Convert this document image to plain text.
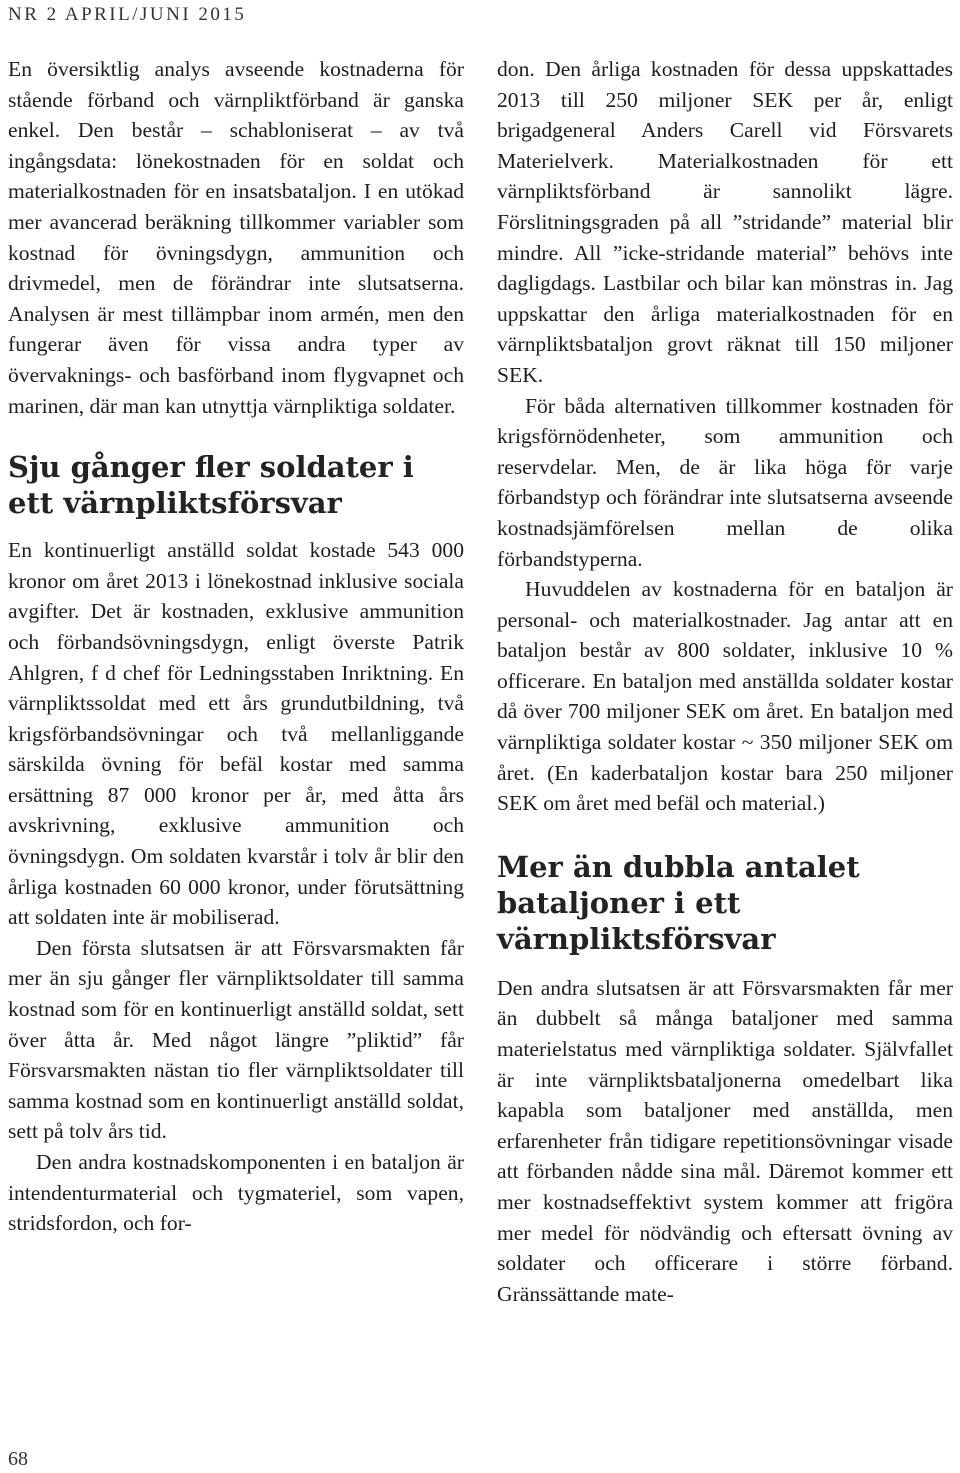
NR 2 APRIL/JUNI 2015

En översiktlig analys avseende kostnaderna för stående förband och värnpliktförband är ganska enkel. Den består – schabloniserat – av två ingångsdata: lönekostnaden för en soldat och materialkostnaden för en insatsbataljon. I en utökad mer avancerad beräkning tillkommer variabler som kostnad för övningsdygn, ammunition och drivmedel, men de förändrar inte slutsatserna. Analysen är mest tillämpbar inom armén, men den fungerar även för vissa andra typer av övervaknings- och basförband inom flygvapnet och marinen, där man kan utnyttja värnpliktiga soldater.

Sju gånger fler soldater i ett värnpliktsförsvar

En kontinuerligt anställd soldat kostade 543 000 kronor om året 2013 i lönekostnad inklusive sociala avgifter. Det är kostnaden, exklusive ammunition och förbandsövningsdygn, enligt överste Patrik Ahlgren, f d chef för Ledningsstaben Inriktning. En värnpliktssoldat med ett års grundutbildning, två krigsförbandsövningar och två mellanliggande särskilda övning för befäl kostar med samma ersättning 87 000 kronor per år, med åtta års avskrivning, exklusive ammunition och övningsdygn. Om soldaten kvarstår i tolv år blir den årliga kostnaden 60 000 kronor, under förutsättning att soldaten inte är mobiliserad.

Den första slutsatsen är att Försvarsmakten får mer än sju gånger fler värnpliktsoldater till samma kostnad som för en kontinuerligt anställd soldat, sett över åtta år. Med något längre ”pliktid” får Försvarsmakten nästan tio fler värnpliktsoldater till samma kostnad som en kontinuerligt anställd soldat, sett på tolv års tid.

Den andra kostnadskomponenten i en bataljon är intendenturmaterial och tygmateriel, som vapen, stridsfordon, och for-

don. Den årliga kostnaden för dessa uppskattades 2013 till 250 miljoner SEK per år, enligt brigadgeneral Anders Carell vid Försvarets Materielverk. Materialkostnaden för ett värnpliktsförband är sannolikt lägre. Förslitningsgraden på all ”stridande” material blir mindre. All ”icke-stridande material” behövs inte dagligdags. Lastbilar och bilar kan mönstras in. Jag uppskattar den årliga materialkostnaden för en värnpliktsbataljon grovt räknat till 150 miljoner SEK.

För båda alternativen tillkommer kostnaden för krigsförnödenheter, som ammunition och reservdelar. Men, de är lika höga för varje förbandstyp och förändrar inte slutsatserna avseende kostnadsjämförelsen mellan de olika förbandstyperna.

Huvuddelen av kostnaderna för en bataljon är personal- och materialkostnader. Jag antar att en bataljon består av 800 soldater, inklusive 10 % officerare. En bataljon med anställda soldater kostar då över 700 miljoner SEK om året. En bataljon med värnpliktiga soldater kostar ~ 350 miljoner SEK om året. (En kaderbataljon kostar bara 250 miljoner SEK om året med befäl och material.)

Mer än dubbla antalet bataljoner i ett värnpliktsförsvar

Den andra slutsatsen är att Försvarsmakten får mer än dubbelt så många bataljoner med samma materielstatus med värnpliktiga soldater. Självfallet är inte värnpliktsbataljonerna omedelbart lika kapabla som bataljoner med anställda, men erfarenheter från tidigare repetitionsövningar visade att förbanden nådde sina mål. Däremot kommer ett mer kostnadseffektivt system kommer att frigöra mer medel för nödvändig och eftersatt övning av soldater och officerare i större förband. Gränssättande mate-

68
